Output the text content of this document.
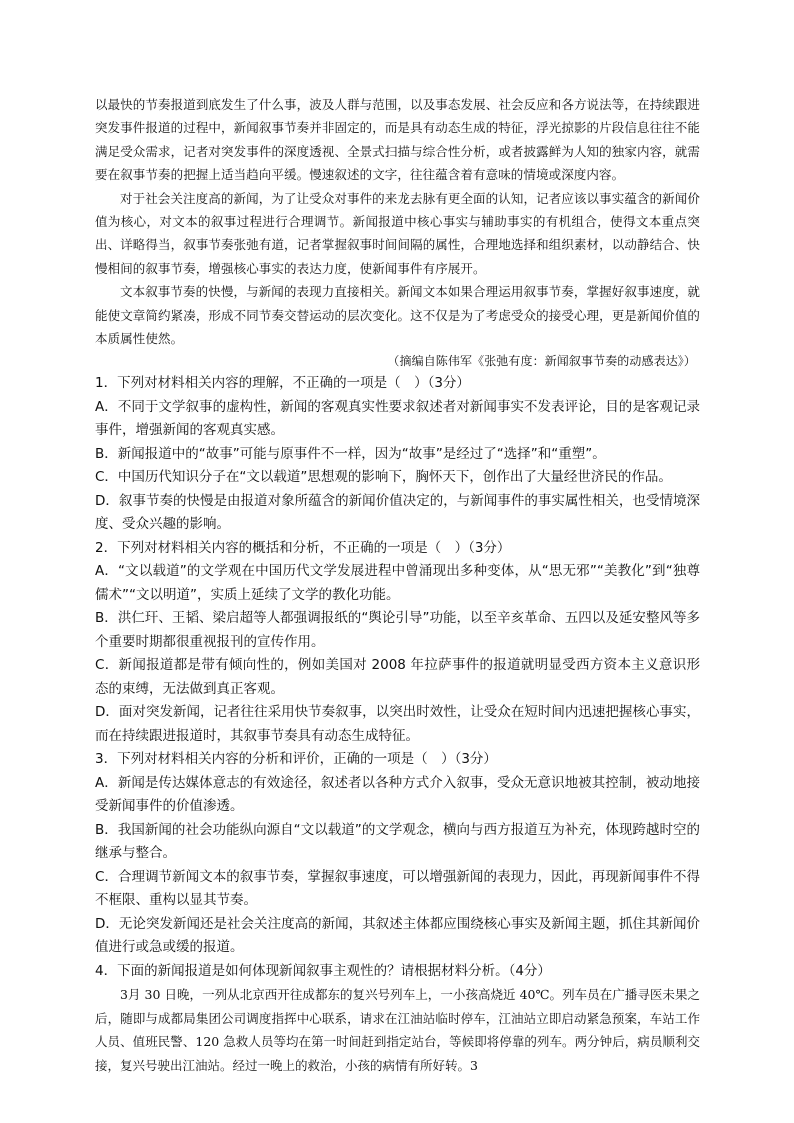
以最快的节奏报道到底发生了什么事，波及人群与范围，以及事态发展、社会反应和各方说法等，在持续跟进突发事件报道的过程中，新闻叙事节奏并非固定的，而是具有动态生成的特征，浮光掠影的片段信息往往不能满足受众需求，记者对突发事件的深度透视、全景式扫描与综合性分析，或者披露鲜为人知的独家内容，就需要在叙事节奏的把握上适当趋向平缓。慢速叙述的文字，往往蕴含着有意味的情境或深度内容。

对于社会关注度高的新闻，为了让受众对事件的来龙去脉有更全面的认知，记者应该以事实蕴含的新闻价值为核心，对文本的叙事过程进行合理调节。新闻报道中核心事实与辅助事实的有机组合，使得文本重点突出、详略得当，叙事节奏张弛有道，记者掌握叙事时间间隔的属性，合理地选择和组织素材，以动静结合、快慢相间的叙事节奏，增强核心事实的表达力度，使新闻事件有序展开。

文本叙事节奏的快慢，与新闻的表现力直接相关。新闻文本如果合理运用叙事节奏，掌握好叙事速度，就能使文章简约紧凑，形成不同节奏交替运动的层次变化。这不仅是为了考虑受众的接受心理，更是新闻价值的本质属性使然。

（摘编自陈伟军《张弛有度：新闻叙事节奏的动感表达》）

1．下列对材料相关内容的理解，不正确的一项是（　）（3分）

A．不同于文学叙事的虚构性，新闻的客观真实性要求叙述者对新闻事实不发表评论，目的是客观记录事件，增强新闻的客观真实感。

B．新闻报道中的“故事”可能与原事件不一样，因为“故事”是经过了“选择”和“重塑”。

C．中国历代知识分子在“文以载道”思想观的影响下，胸怀天下，创作出了大量经世济民的作品。

D．叙事节奏的快慢是由报道对象所蕴含的新闻价值决定的，与新闻事件的事实属性相关，也受情境深度、受众兴趣的影响。

2．下列对材料相关内容的概括和分析，不正确的一项是（　）（3分）

A．“文以载道”的文学观在中国历代文学发展进程中曾涌现出多种变体，从“思无邪”“美教化”到“独尊儒术”“文以明道”，实质上延续了文学的教化功能。

B．洪仁玕、王韬、梁启超等人都强调报纸的“舆论引导”功能，以至辛亥革命、五四以及延安整风等多个重要时期都很重视报刊的宣传作用。

C．新闻报道都是带有倾向性的，例如美国对 2008 年拉萨事件的报道就明显受西方资本主义意识形态的束缚，无法做到真正客观。

D．面对突发新闻，记者往往采用快节奏叙事，以突出时效性，让受众在短时间内迅速把握核心事实，而在持续跟进报道时，其叙事节奏具有动态生成特征。

3．下列对材料相关内容的分析和评价，正确的一项是（　）（3分）

A．新闻是传达媒体意志的有效途径，叙述者以各种方式介入叙事，受众无意识地被其控制，被动地接受新闻事件的价值渗透。

B．我国新闻的社会功能纵向源自“文以载道”的文学观念，横向与西方报道互为补充，体现跨越时空的继承与整合。

C．合理调节新闻文本的叙事节奏，掌握叙事速度，可以增强新闻的表现力，因此，再现新闻事件不得不框限、重构以显其节奏。

D．无论突发新闻还是社会关注度高的新闻，其叙述主体都应围绕核心事实及新闻主题，抓住其新闻价值进行或急或缓的报道。

4．下面的新闻报道是如何体现新闻叙事主观性的？请根据材料分析。（4分）

3月 30 日晚，一列从北京西开往成都东的复兴号列车上，一小孩高烧近 40℃。列车员在广播寻医未果之后，随即与成都局集团公司调度指挥中心联系，请求在江油站临时停车，江油站立即启动紧急预案，车站工作人员、值班民警、120 急救人员等均在第一时间赶到指定站台，等候即将停靠的列车。两分钟后，病员顺利交接，复兴号驶出江油站。经过一晚上的救治，小孩的病情有所好转。3
